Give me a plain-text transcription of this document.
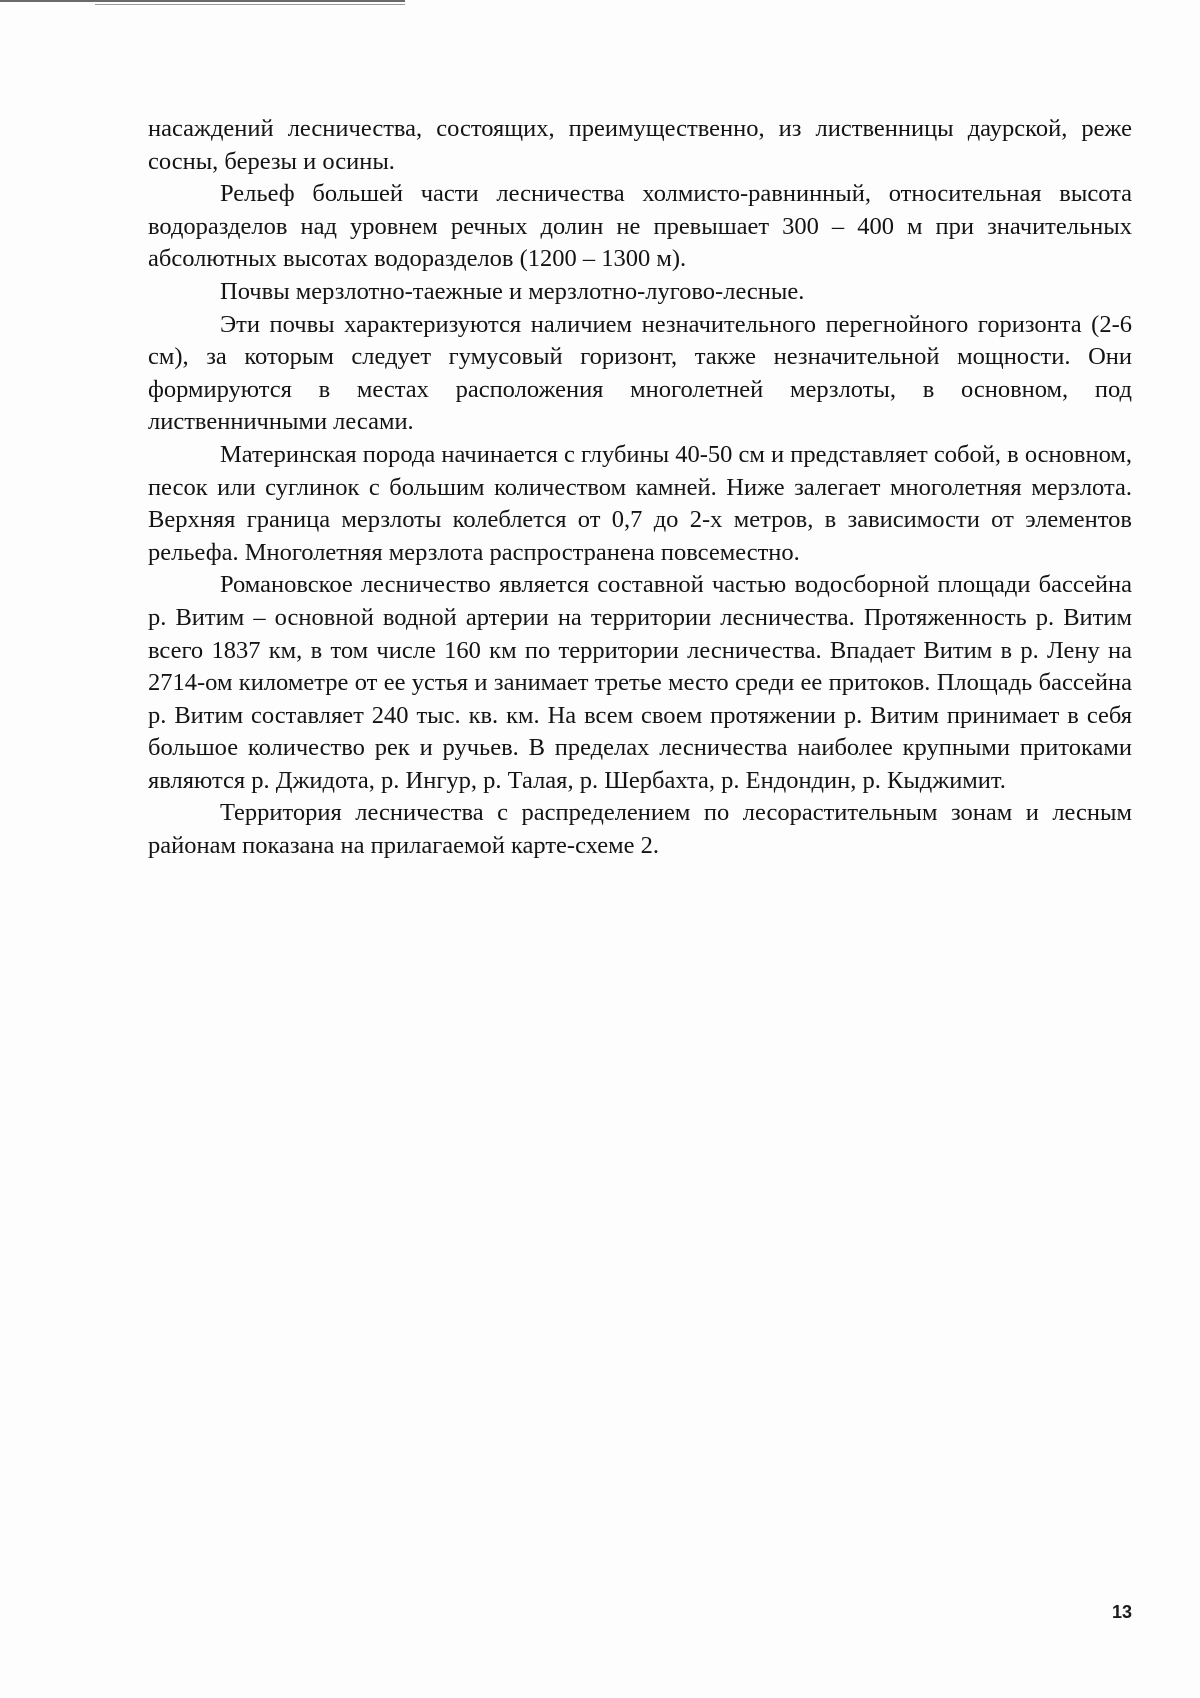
насаждений лесничества, состоящих, преимущественно, из лиственницы даурской, реже сосны, березы и осины.

Рельеф большей части лесничества холмисто-равнинный, относительная высота водоразделов над уровнем речных долин не превышает 300 – 400 м при значительных абсолютных высотах водоразделов (1200 – 1300 м).

Почвы мерзлотно-таежные и мерзлотно-лугово-лесные.

Эти почвы характеризуются наличием незначительного перегнойного горизонта (2-6 см), за которым следует гумусовый горизонт, также незначительной мощности. Они формируются в местах расположения многолетней мерзлоты, в основном, под лиственничными лесами.

Материнская порода начинается с глубины 40-50 см и представляет собой, в основном, песок или суглинок с большим количеством камней. Ниже залегает многолетняя мерзлота. Верхняя граница мерзлоты колеблется от 0,7 до 2-х метров, в зависимости от элементов рельефа. Многолетняя мерзлота распространена повсеместно.

Романовское лесничество является составной частью водосборной площади бассейна р. Витим – основной водной артерии на территории лесничества. Протяженность р. Витим всего 1837 км, в том числе 160 км по территории лесничества. Впадает Витим в р. Лену на 2714-ом километре от ее устья и занимает третье место среди ее притоков. Площадь бассейна р. Витим составляет 240 тыс. кв. км. На всем своем протяжении р. Витим принимает в себя большое количество рек и ручьев. В пределах лесничества наиболее крупными притоками являются р. Джидота, р. Ингур, р. Талая, р. Шербахта, р. Ендондин, р. Кыджимит.

Территория лесничества с распределением по лесорастительным зонам и лесным районам показана на прилагаемой карте-схеме 2.

13
